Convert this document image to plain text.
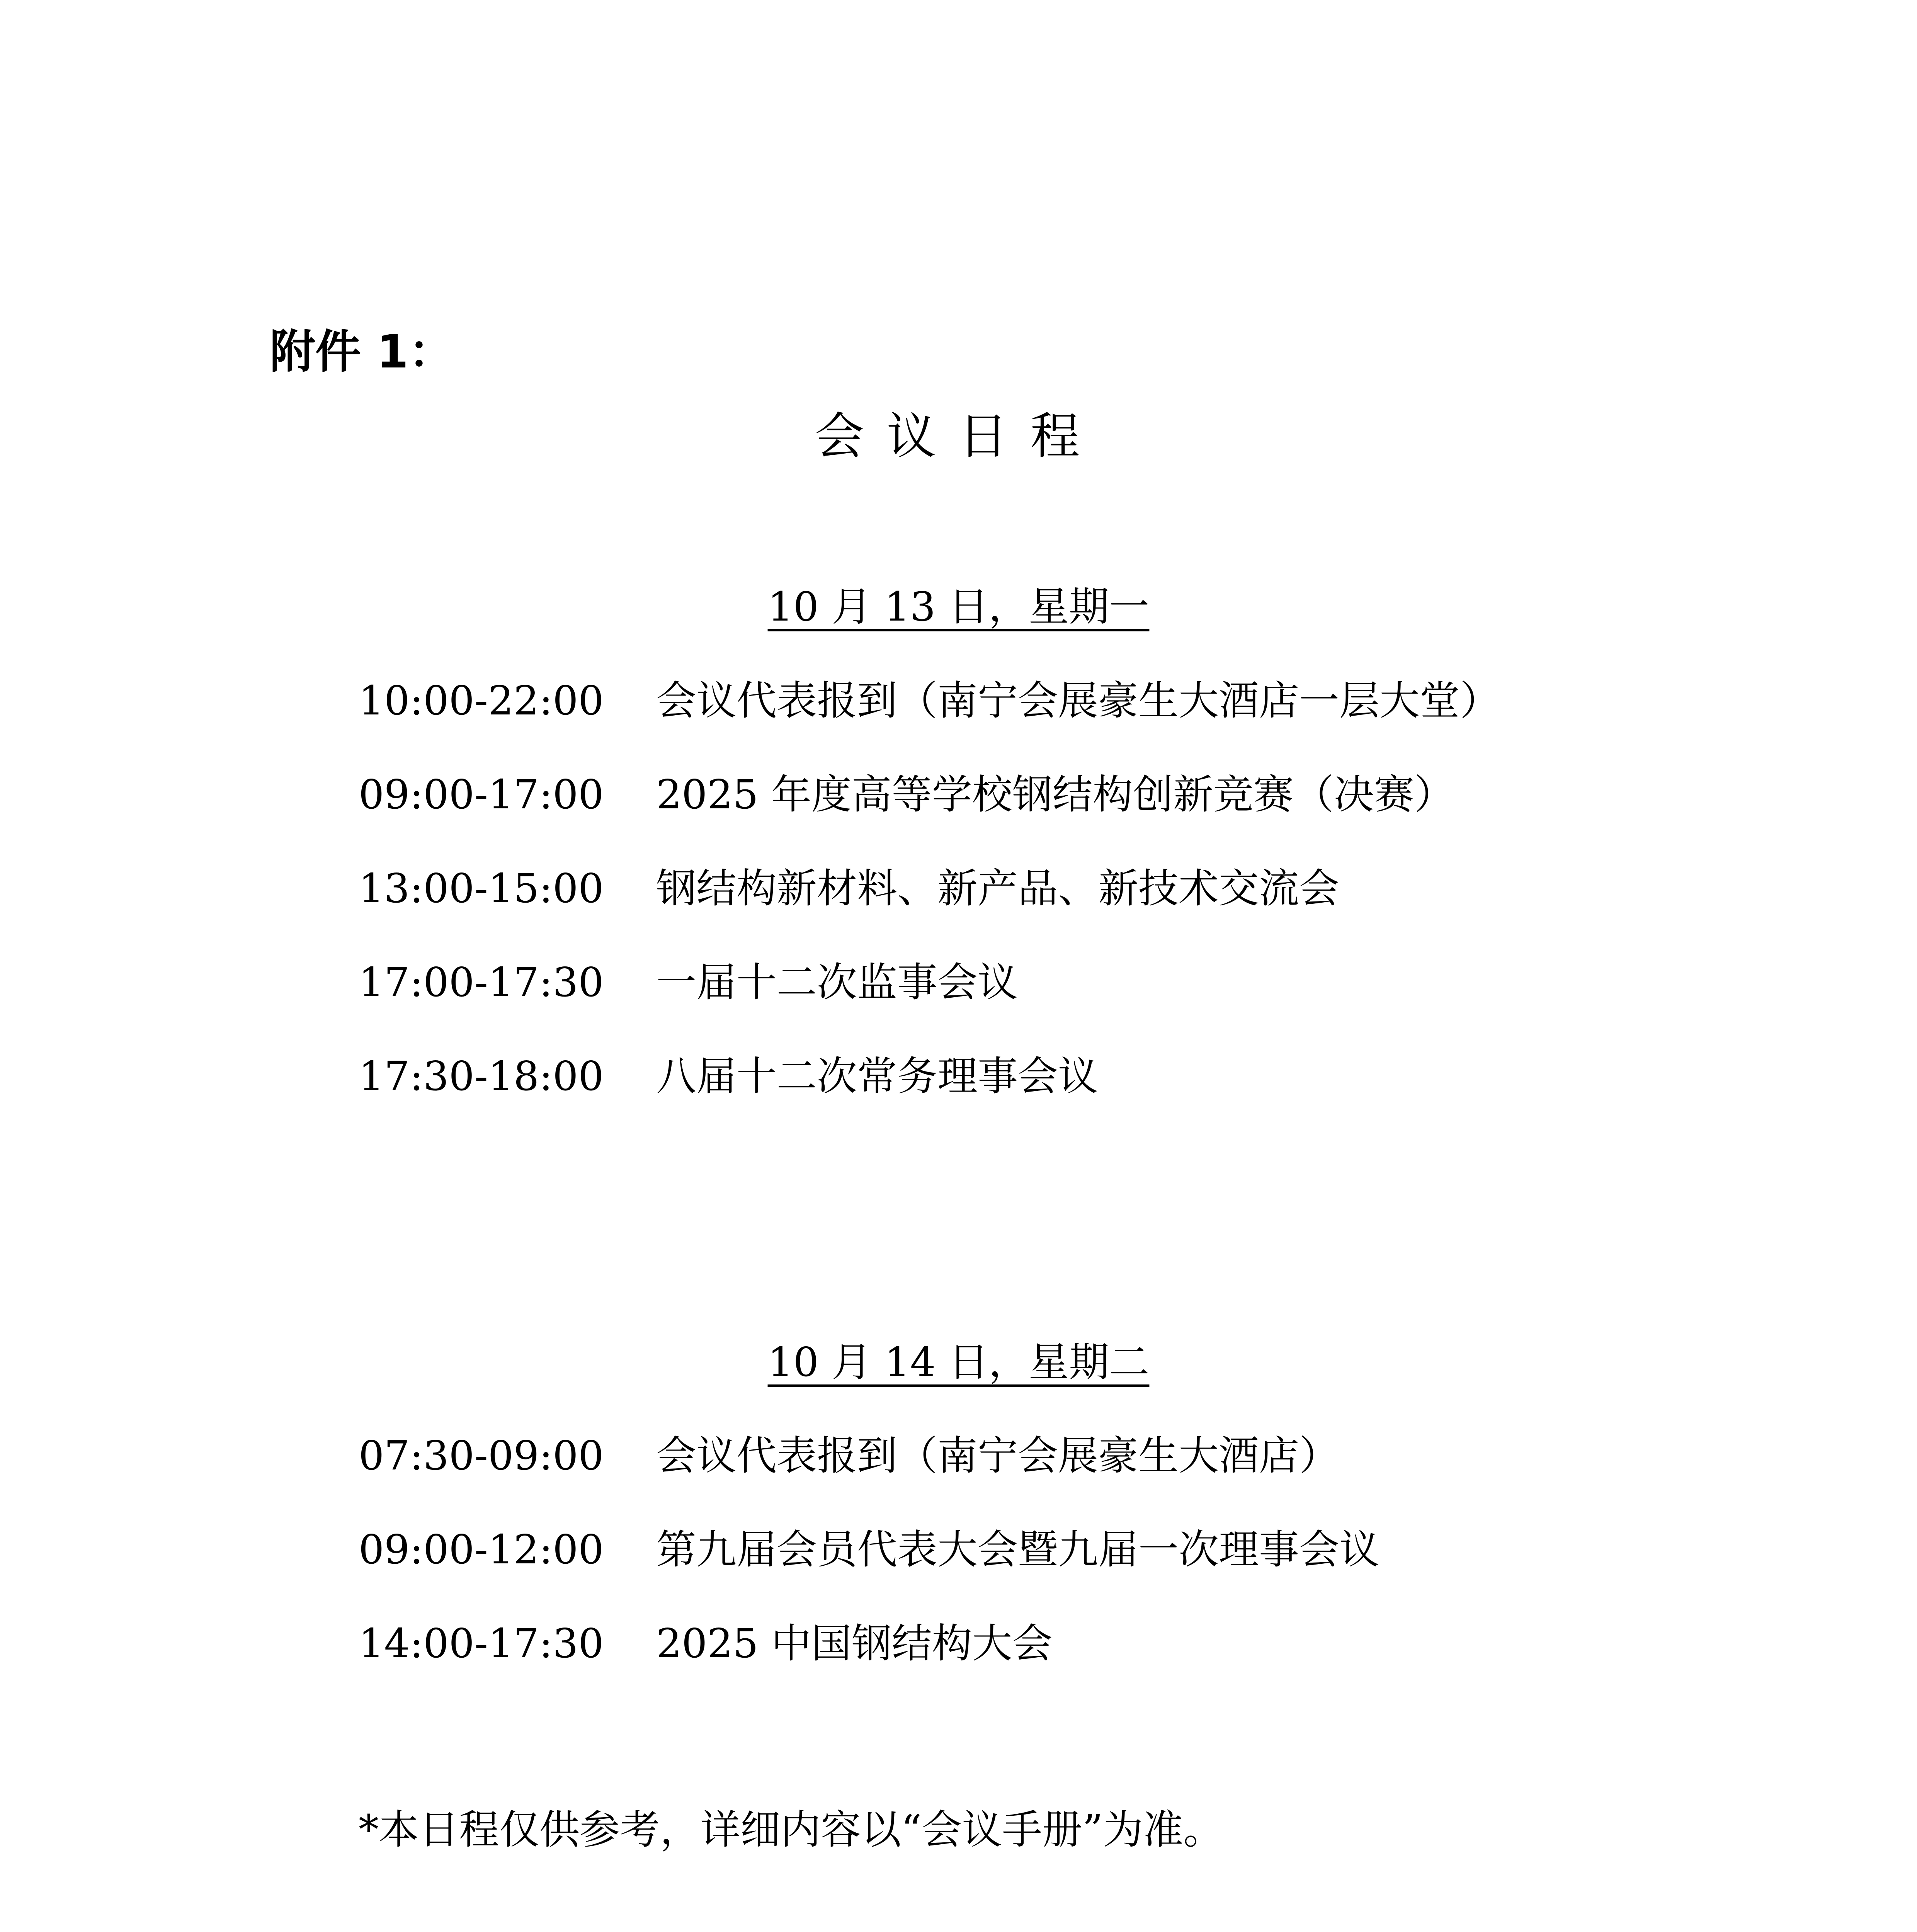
附件 1：
会议日程
10 月 13 日，星期一
10:00-22:00	会议代表报到（南宁会展豪生大酒店一层大堂）
09:00-17:00	2025 年度高等学校钢结构创新竞赛（决赛）
13:00-15:00	钢结构新材料、新产品、新技术交流会
17:00-17:30	一届十二次监事会议
17:30-18:00	八届十二次常务理事会议
10 月 14 日，星期二
07:30-09:00	会议代表报到（南宁会展豪生大酒店）
09:00-12:00	第九届会员代表大会暨九届一次理事会议
14:00-17:30	2025 中国钢结构大会
*本日程仅供参考，详细内容以“会议手册”为准。
